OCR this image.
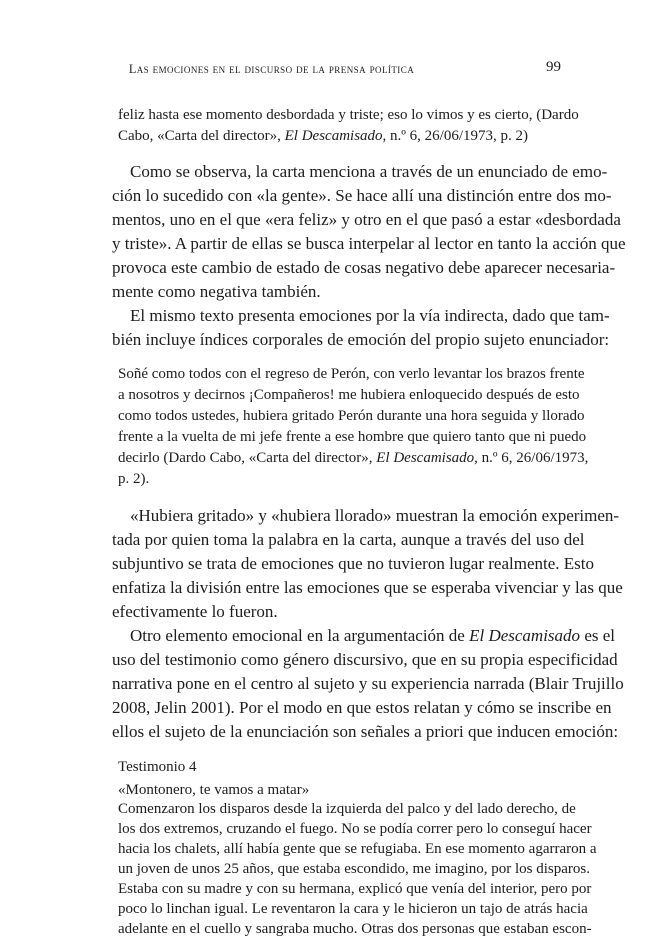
Las emociones en el discurso de la prensa política	99

feliz hasta ese momento desbordada y triste; eso lo vimos y es cierto, (Dardo

Cabo, «Carta del director», El Descamisado, n.º 6, 26/06/1973, p. 2)

Como se observa, la carta menciona a través de un enunciado de emo-

ción lo sucedido con «la gente». Se hace allí una distinción entre dos mo-

mentos, uno en el que «era feliz» y otro en el que pasó a estar «desbordada

y triste». A partir de ellas se busca interpelar al lector en tanto la acción que

provoca este cambio de estado de cosas negativo debe aparecer necesaria-

mente como negativa también.

El mismo texto presenta emociones por la vía indirecta, dado que tam-

bién incluye índices corporales de emoción del propio sujeto enunciador:

Soñé como todos con el regreso de Perón, con verlo levantar los brazos frente

a nosotros y decirnos ¡Compañeros! me hubiera enloquecido después de esto

como todos ustedes, hubiera gritado Perón durante una hora seguida y llorado

frente a la vuelta de mi jefe frente a ese hombre que quiero tanto que ni puedo

decirlo (Dardo Cabo, «Carta del director», El Descamisado, n.º 6, 26/06/1973,

p. 2).

«Hubiera gritado» y «hubiera llorado» muestran la emoción experimen-

tada por quien toma la palabra en la carta, aunque a través del uso del

subjuntivo se trata de emociones que no tuvieron lugar realmente. Esto

enfatiza la división entre las emociones que se esperaba vivenciar y las que

efectivamente lo fueron.

Otro elemento emocional en la argumentación de El Descamisado es el

uso del testimonio como género discursivo, que en su propia especificidad

narrativa pone en el centro al sujeto y su experiencia narrada (Blair Trujillo

2008, Jelin 2001). Por el modo en que estos relatan y cómo se inscribe en

ellos el sujeto de la enunciación son señales a priori que inducen emoción:

Testimonio 4

«Montonero, te vamos a matar»

Comenzaron los disparos desde la izquierda del palco y del lado derecho, de

los dos extremos, cruzando el fuego. No se podía correr pero lo conseguí hacer

hacia los chalets, allí había gente que se refugiaba. En ese momento agarraron a

un joven de unos 25 años, que estaba escondido, me imagino, por los disparos.

Estaba con su madre y con su hermana, explicó que venía del interior, pero por

poco lo linchan igual. Le reventaron la cara y le hicieron un tajo de atrás hacia

adelante en el cuello y sangraba mucho. Otras dos personas que estaban escon-
